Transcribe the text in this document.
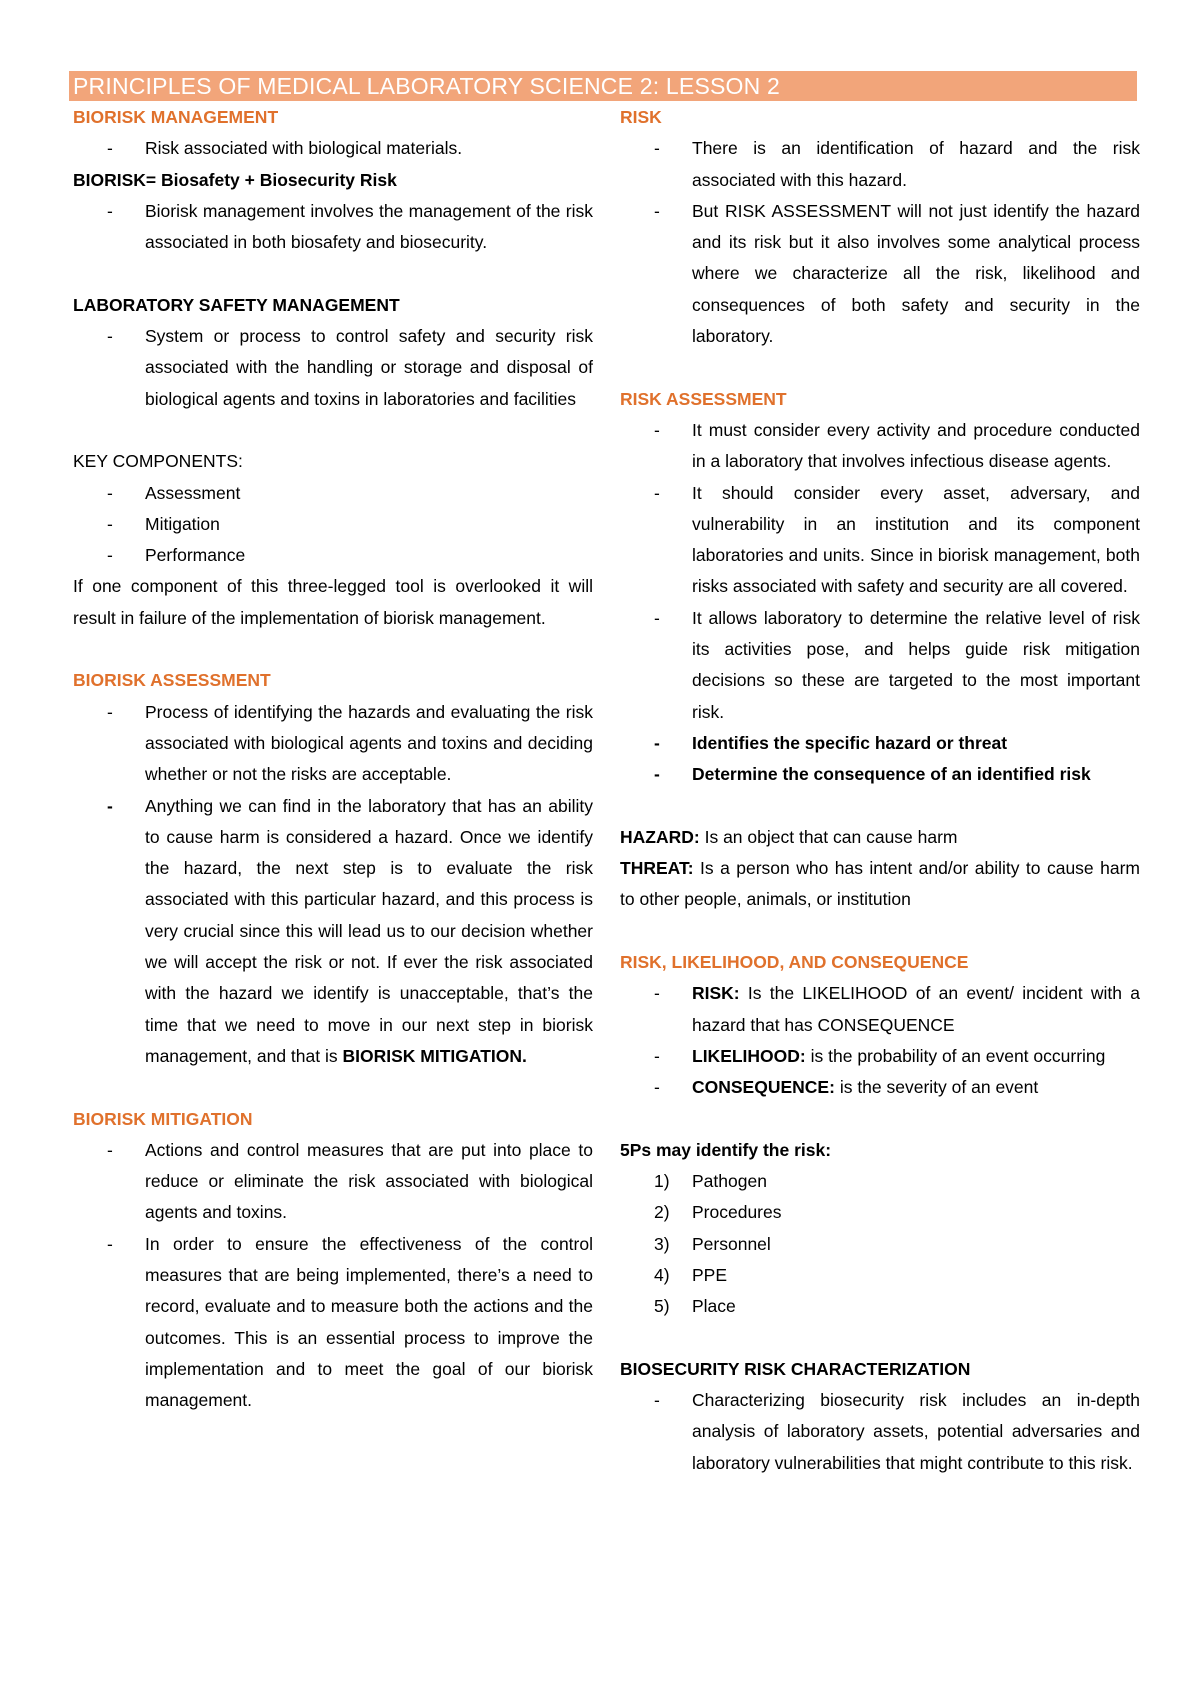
PRINCIPLES OF MEDICAL LABORATORY SCIENCE 2: LESSON 2
BIORISK MANAGEMENT
- Risk associated with biological materials.
BIORISK= Biosafety + Biosecurity Risk
- Biorisk management involves the management of the risk associated in both biosafety and biosecurity.
LABORATORY SAFETY MANAGEMENT
- System or process to control safety and security risk associated with the handling or storage and disposal of biological agents and toxins in laboratories and facilities
KEY COMPONENTS:
- Assessment
- Mitigation
- Performance
If one component of this three-legged tool is overlooked it will result in failure of the implementation of biorisk management.
BIORISK ASSESSMENT
- Process of identifying the hazards and evaluating the risk associated with biological agents and toxins and deciding whether or not the risks are acceptable.
- Anything we can find in the laboratory that has an ability to cause harm is considered a hazard. Once we identify the hazard, the next step is to evaluate the risk associated with this particular hazard, and this process is very crucial since this will lead us to our decision whether we will accept the risk or not. If ever the risk associated with the hazard we identify is unacceptable, that’s the time that we need to move in our next step in biorisk management, and that is BIORISK MITIGATION.
BIORISK MITIGATION
- Actions and control measures that are put into place to reduce or eliminate the risk associated with biological agents and toxins.
- In order to ensure the effectiveness of the control measures that are being implemented, there’s a need to record, evaluate and to measure both the actions and the outcomes. This is an essential process to improve the implementation and to meet the goal of our biorisk management.
RISK
- There is an identification of hazard and the risk associated with this hazard.
- But RISK ASSESSMENT will not just identify the hazard and its risk but it also involves some analytical process where we characterize all the risk, likelihood and consequences of both safety and security in the laboratory.
RISK ASSESSMENT
- It must consider every activity and procedure conducted in a laboratory that involves infectious disease agents.
- It should consider every asset, adversary, and vulnerability in an institution and its component laboratories and units. Since in biorisk management, both risks associated with safety and security are all covered.
- It allows laboratory to determine the relative level of risk its activities pose, and helps guide risk mitigation decisions so these are targeted to the most important risk.
- Identifies the specific hazard or threat
- Determine the consequence of an identified risk
HAZARD: Is an object that can cause harm
THREAT: Is a person who has intent and/or ability to cause harm to other people, animals, or institution
RISK, LIKELIHOOD, AND CONSEQUENCE
- RISK: Is the LIKELIHOOD of an event/ incident with a hazard that has CONSEQUENCE
- LIKELIHOOD: is the probability of an event occurring
- CONSEQUENCE: is the severity of an event
5Ps may identify the risk:
1) Pathogen
2) Procedures
3) Personnel
4) PPE
5) Place
BIOSECURITY RISK CHARACTERIZATION
- Characterizing biosecurity risk includes an in-depth analysis of laboratory assets, potential adversaries and laboratory vulnerabilities that might contribute to this risk.
